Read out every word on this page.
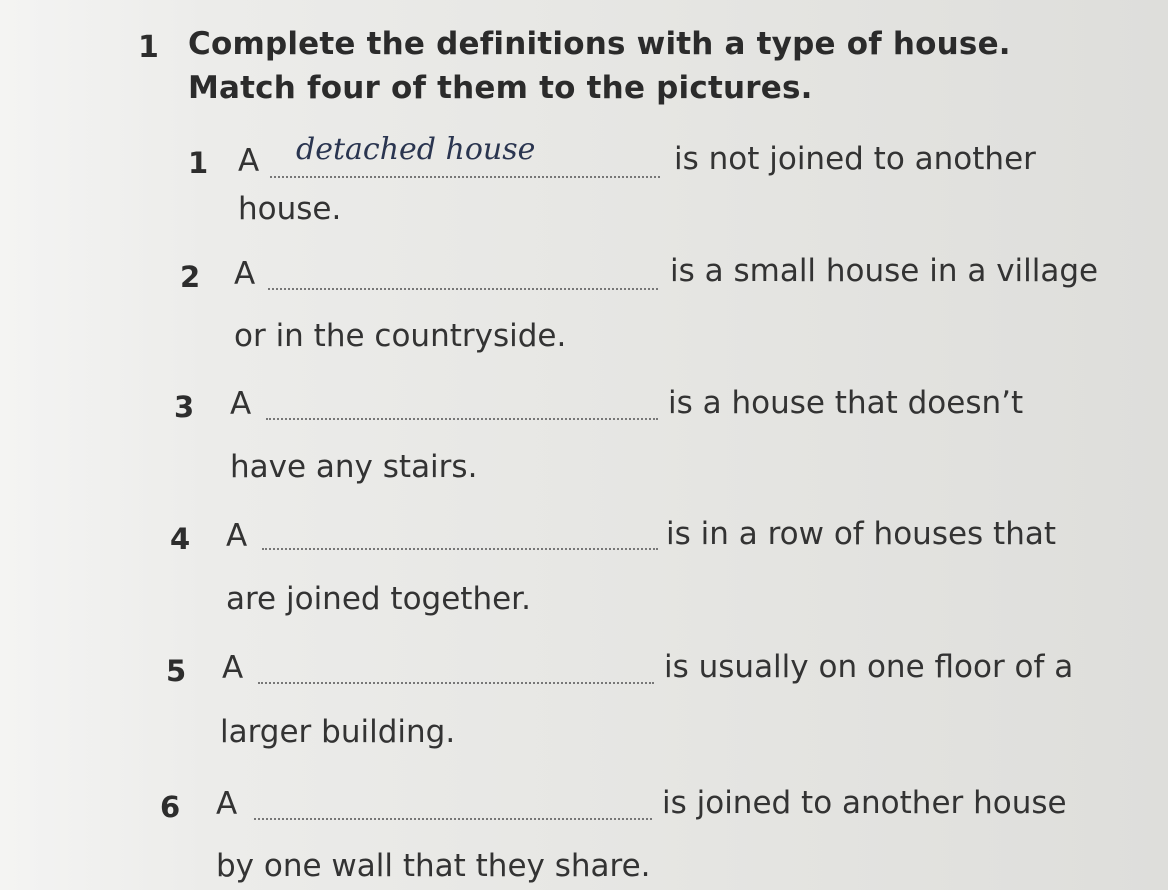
1 Complete the definitions with a type of house.
Match four of them to the pictures.
1 A detached house	is not joined to another
house.
2 A	is a small house in a village
or in the countryside.
3 A	is a house that doesn’t
have any stairs.
4 A	is in a row of houses that
are joined together.
5 A	is usually on one floor of a
larger building.
6 A	is joined to another house
by one wall that they share.
